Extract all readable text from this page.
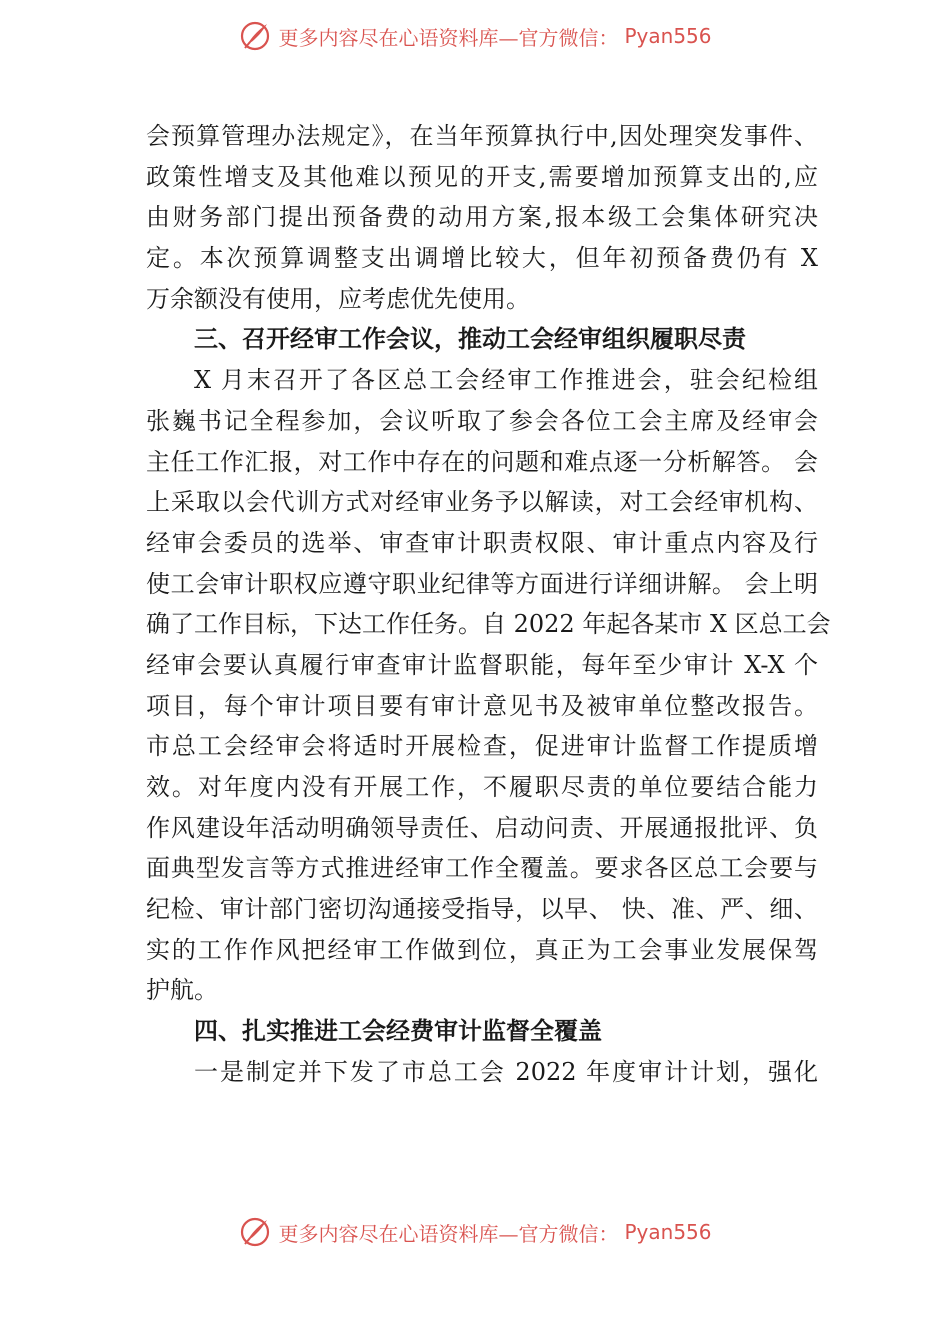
更多内容尽在心语资料库—官方微信： Pyan556
会预算管理办法规定》，在当年预算执行中,因处理突发事件、
政策性增支及其他难以预见的开支,需要增加预算支出的,应
由财务部门提出预备费的动用方案,报本级工会集体研究决
定。本次预算调整支出调增比较大，但年初预备费仍有 X
万余额没有使用，应考虑优先使用。
三、召开经审工作会议，推动工会经审组织履职尽责
X 月末召开了各区总工会经审工作推进会，驻会纪检组
张巍书记全程参加，会议听取了参会各位工会主席及经审会
主任工作汇报，对工作中存在的问题和难点逐一分析解答。 会
上采取以会代训方式对经审业务予以解读，对工会经审机构、
经审会委员的选举、审查审计职责权限、审计重点内容及行
使工会审计职权应遵守职业纪律等方面进行详细讲解。 会上明
确了工作目标，下达工作任务。自 2022 年起各某市 X 区总工会
经审会要认真履行审查审计监督职能，每年至少审计 X-X 个
项目，每个审计项目要有审计意见书及被审单位整改报告。
市总工会经审会将适时开展检查，促进审计监督工作提质增
效。对年度内没有开展工作，不履职尽责的单位要结合能力
作风建设年活动明确领导责任、启动问责、开展通报批评、负
面典型发言等方式推进经审工作全覆盖。要求各区总工会要与
纪检、审计部门密切沟通接受指导，以早、 快、准、严、细、
实的工作作风把经审工作做到位，真正为工会事业发展保驾
护航。
四、扎实推进工会经费审计监督全覆盖
一是制定并下发了市总工会 2022 年度审计计划，强化
更多内容尽在心语资料库—官方微信： Pyan556
